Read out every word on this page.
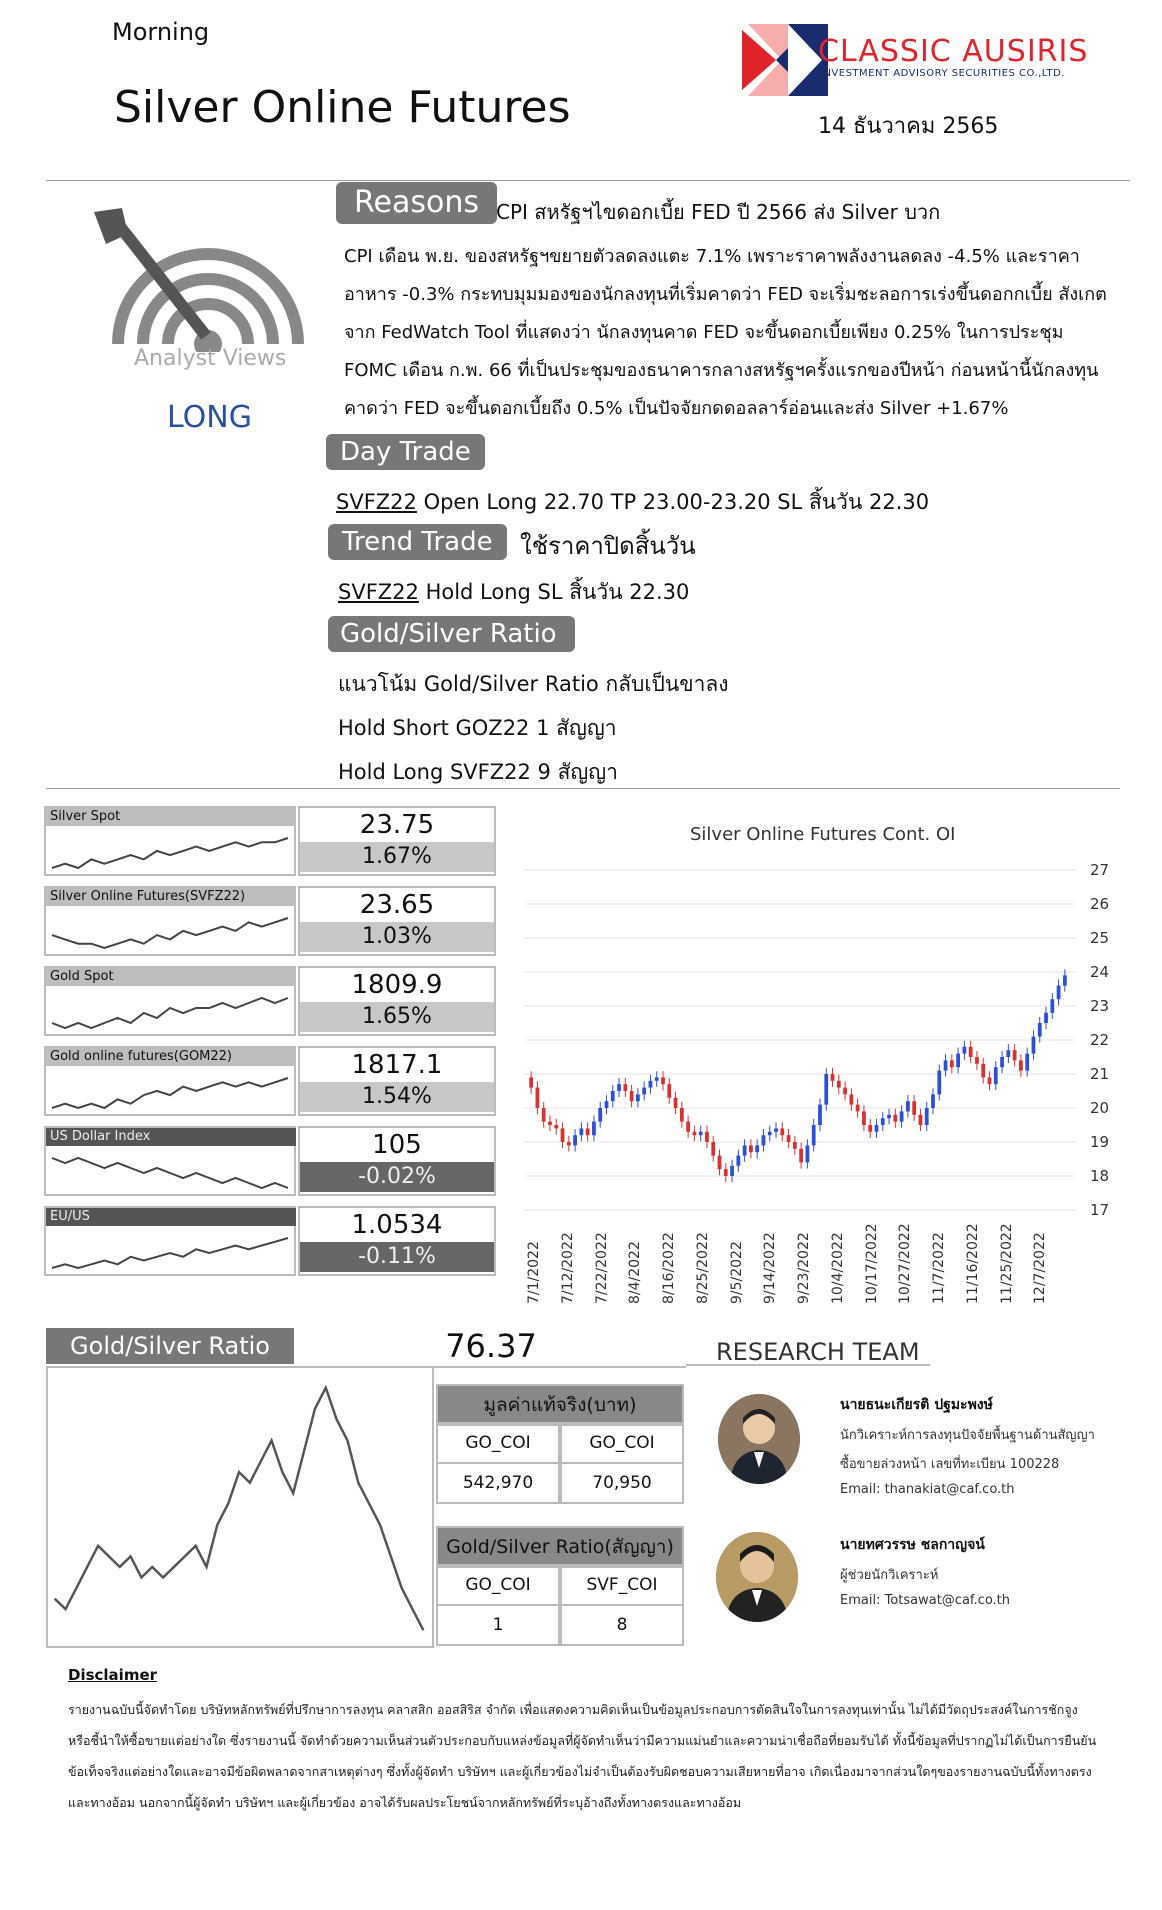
Morning
Silver Online Futures
CLASSIC AUSIRIS
INVESTMENT ADVISORY SECURITIES CO.,LTD.
14 ธันวาคม 2565
Analyst Views
LONG
Reasons CPI สหรัฐฯไขดอกเบี้ย FED ปี 2566 ส่ง Silver บวก
CPI เดือน พ.ย. ของสหรัฐฯขยายตัวลดลงแตะ 7.1% เพราะราคาพลังงานลดลง -4.5% และราคา
อาหาร -0.3% กระทบมุมมองของนักลงทุนที่เริ่มคาดว่า FED จะเริ่มชะลอการเร่งขึ้นดอกกเบี้ย สังเกต
จาก FedWatch Tool ที่แสดงว่า นักลงทุนคาด FED จะขึ้นดอกเบี้ยเพียง 0.25% ในการประชุม
FOMC เดือน ก.พ. 66 ที่เป็นประชุมของธนาคารกลางสหรัฐฯครั้งแรกของปีหน้า ก่อนหน้านี้นักลงทุน
คาดว่า FED จะขึ้นดอกเบี้ยถึง 0.5% เป็นปัจจัยกดดอลลาร์อ่อนและส่ง Silver +1.67%
Day Trade
SVFZ22 Open Long 22.70 TP 23.00-23.20 SL สิ้นวัน 22.30
Trend Trade	ใช้ราคาปิดสิ้นวัน
SVFZ22 Hold Long SL สิ้นวัน 22.30
Gold/Silver Ratio
แนวโน้ม Gold/Silver Ratio กลับเป็นขาลง
Hold Short GOZ22 1 สัญญา
Hold Long SVFZ22 9 สัญญา
Silver Spot	23.75
1.67%
Silver Online Futures(SVFZ22)	23.65
1.03%
Gold Spot	1809.9
1.65%
Gold online futures(GOM22)	1817.1
1.54%
US Dollar Index	105
-0.02%
EU/US	1.0534
-0.11%
Silver Online Futures Cont. OI
27
26
25
24
23
22
21
20
19
18
17
7/1/2022 7/12/2022 7/22/2022 8/4/2022 8/16/2022 8/25/2022 9/5/2022 9/14/2022 9/23/2022 10/4/2022 10/17/2022 10/27/2022 11/7/2022 11/16/2022 11/25/2022 12/7/2022
Gold/Silver Ratio	76.37	RESEARCH TEAM
มูลค่าแท้จริง(บาท)
GO_COI	GO_COI
542,970	70,950
Gold/Silver Ratio(สัญญา)
GO_COI	SVF_COI
1	8
นายธนะเกียรติ ปฐมะพงษ์
นักวิเคราะห์การลงทุนปัจจัยพื้นฐานด้านสัญญา
ซื้อขายล่วงหน้า เลขที่ทะเบียน 100228
Email: thanakiat@caf.co.th
นายทศวรรษ ชลกาญจน์
ผู้ช่วยนักวิเคราะห์
Email: Totsawat@caf.co.th
Disclaimer
รายงานฉบับนี้จัดทำโดย บริษัทหลักทรัพย์ที่ปรึกษาการลงทุน คลาสสิก ออสสิริส จำกัด เพื่อแสดงความคิดเห็นเป็นข้อมูลประกอบการตัดสินใจในการลงทุนเท่านั้น ไม่ได้มีวัตถุประสงค์ในการชักจูง
หรือชี้นำให้ซื้อขายแต่อย่างใด ซึ่งรายงานนี้ จัดทำด้วยความเห็นส่วนตัวประกอบกับแหล่งข้อมูลที่ผู้จัดทำเห็นว่ามีความแม่นยำและความน่าเชื่อถือที่ยอมรับได้ ทั้งนี้ข้อมูลที่ปรากฏไม่ได้เป็นการยืนยัน
ข้อเท็จจริงแต่อย่างใดและอาจมีข้อผิดพลาดจากสาเหตุต่างๆ ซึ่งทั้งผู้จัดทำ บริษัทฯ และผู้เกี่ยวข้องไม่จำเป็นต้องรับผิดชอบความเสียหายที่อาจ เกิดเนื่องมาจากส่วนใดๆของรายงานฉบับนี้ทั้งทางตรง
และทางอ้อม นอกจากนี้ผู้จัดทำ บริษัทฯ และผู้เกี่ยวข้อง อาจได้รับผลประโยชน์จากหลักทรัพย์ที่ระบุอ้างถึงทั้งทางตรงและทางอ้อม
